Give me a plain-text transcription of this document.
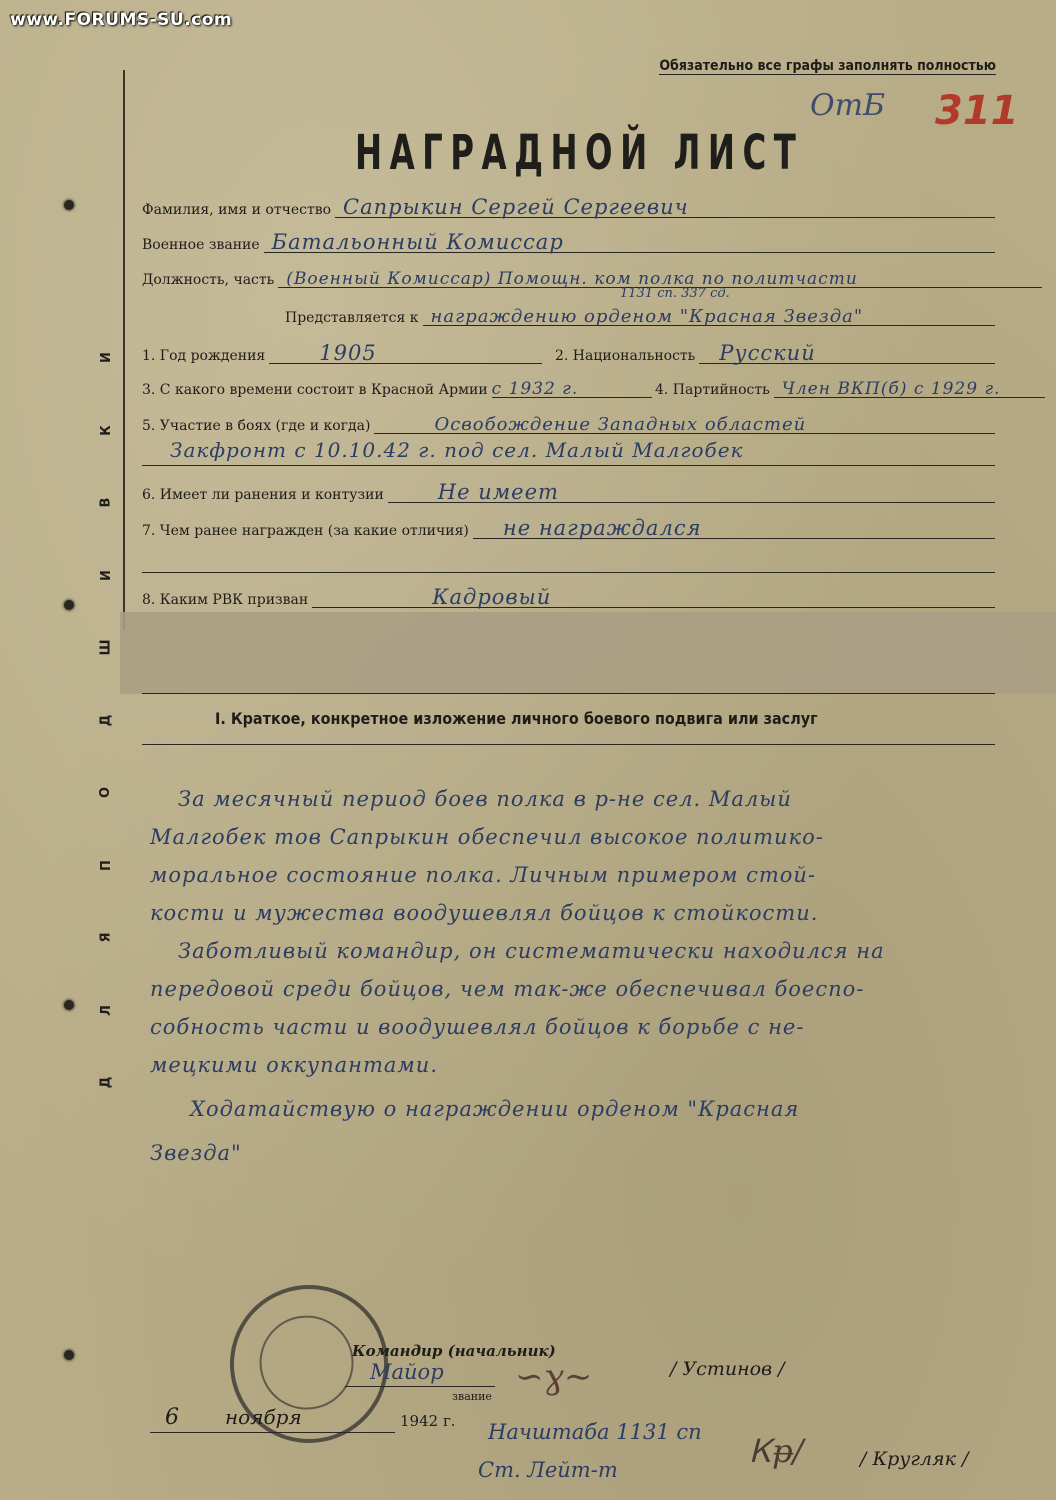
www.FORUMS-SU.com
Обязательно все графы заполнять полностью
ОтБ 311
И
К
В
И
Ш
Д
О
П
Я
Л
Д
НАГРАДНОЙ ЛИСТ
Фамилия, имя и отчество Сапрыкин Сергей Сергеевич
Военное звание Батальонный Комиссар
Должность, часть (Военный Комиссар) Помощн. ком полка по политчасти
1131 сп. 337 сд.
Представляется к награждению орденом "Красная Звезда"
1. Год рождения	1905	2. Национальность Русский
3. С какого времени состоит в Красной Армии с 1932 г.	4. Партийность Член ВКП(б) с 1929 г.
5. Участие в боях (где и когда)	Освобождение Западных областей
Закфронт с 10.10.42 г. под сел. Малый Малгобек
6. Имеет ли ранения и контузии	Не имеет
7. Чем ранее награжден (за какие отличия) не награждался
8. Каким РВК призван	Кадровый
I. Краткое, конкретное изложение личного боевого подвига или заслуг

За месячный период боев полка в р-не сел. Малый

Малгобек тов Сапрыкин обеспечил высокое политико-

моральное состояние полка. Личным примером стой-

кости и мужества воодушевлял бойцов к стойкости.

Заботливый командир, он систематически находился на

передовой среди бойцов, чем так-же обеспечивал боеспо-

собность части и воодушевлял бойцов к борьбе с не-

мецкими оккупантами.

Ходатайствую о награждении орденом "Красная

Звезда"

Командир (начальник)
Майор
звание ∽ɣ∼	/ Устинов /
6 ноября	1942 г. Начштаба 1131 сп
Ст. Лейт-т	Ꮶᵽ∕	/ Кругляк /
